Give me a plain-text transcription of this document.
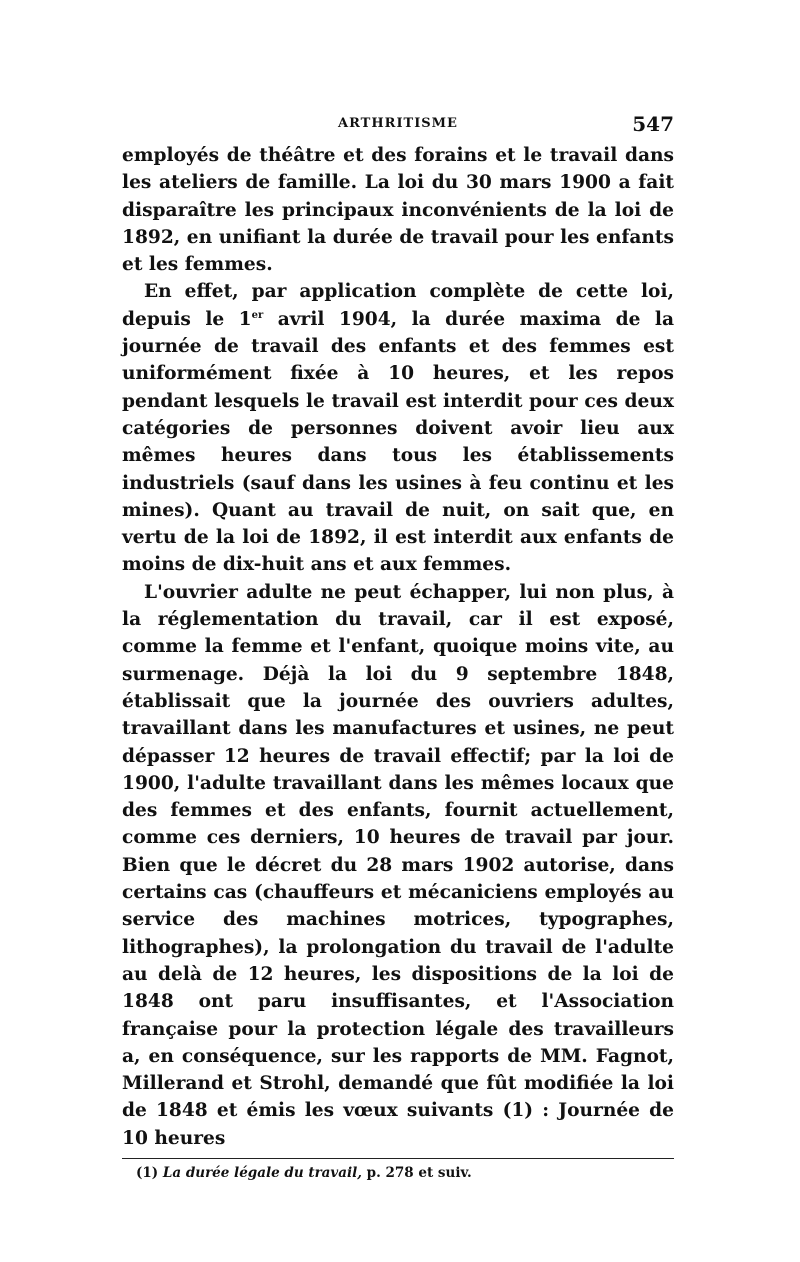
ARTHRITISME	547

employés de théâtre et des forains et le travail dans les ateliers de famille. La loi du 30 mars 1900 a fait disparaître les principaux inconvénients de la loi de 1892, en unifiant la durée de travail pour les enfants et les femmes.

En effet, par application complète de cette loi, depuis le 1er avril 1904, la durée maxima de la journée de travail des enfants et des femmes est uniformément fixée à 10 heures, et les repos pendant lesquels le travail est interdit pour ces deux catégories de personnes doivent avoir lieu aux mêmes heures dans tous les établissements industriels (sauf dans les usines à feu continu et les mines). Quant au travail de nuit, on sait que, en vertu de la loi de 1892, il est interdit aux enfants de moins de dix-huit ans et aux femmes.

L'ouvrier adulte ne peut échapper, lui non plus, à la réglementation du travail, car il est exposé, comme la femme et l'enfant, quoique moins vite, au surmenage. Déjà la loi du 9 septembre 1848, établissait que la journée des ouvriers adultes, travaillant dans les manufactures et usines, ne peut dépasser 12 heures de travail effectif; par la loi de 1900, l'adulte travaillant dans les mêmes locaux que des femmes et des enfants, fournit actuellement, comme ces derniers, 10 heures de travail par jour. Bien que le décret du 28 mars 1902 autorise, dans certains cas (chauffeurs et mécaniciens employés au service des machines motrices, typographes, lithographes), la prolongation du travail de l'adulte au delà de 12 heures, les dispositions de la loi de 1848 ont paru insuffisantes, et l'Association française pour la protection légale des travailleurs a, en conséquence, sur les rapports de MM. Fagnot, Millerand et Strohl, demandé que fût modifiée la loi de 1848 et émis les vœux suivants (1) : Journée de 10 heures

(1) La durée légale du travail, p. 278 et suiv.
